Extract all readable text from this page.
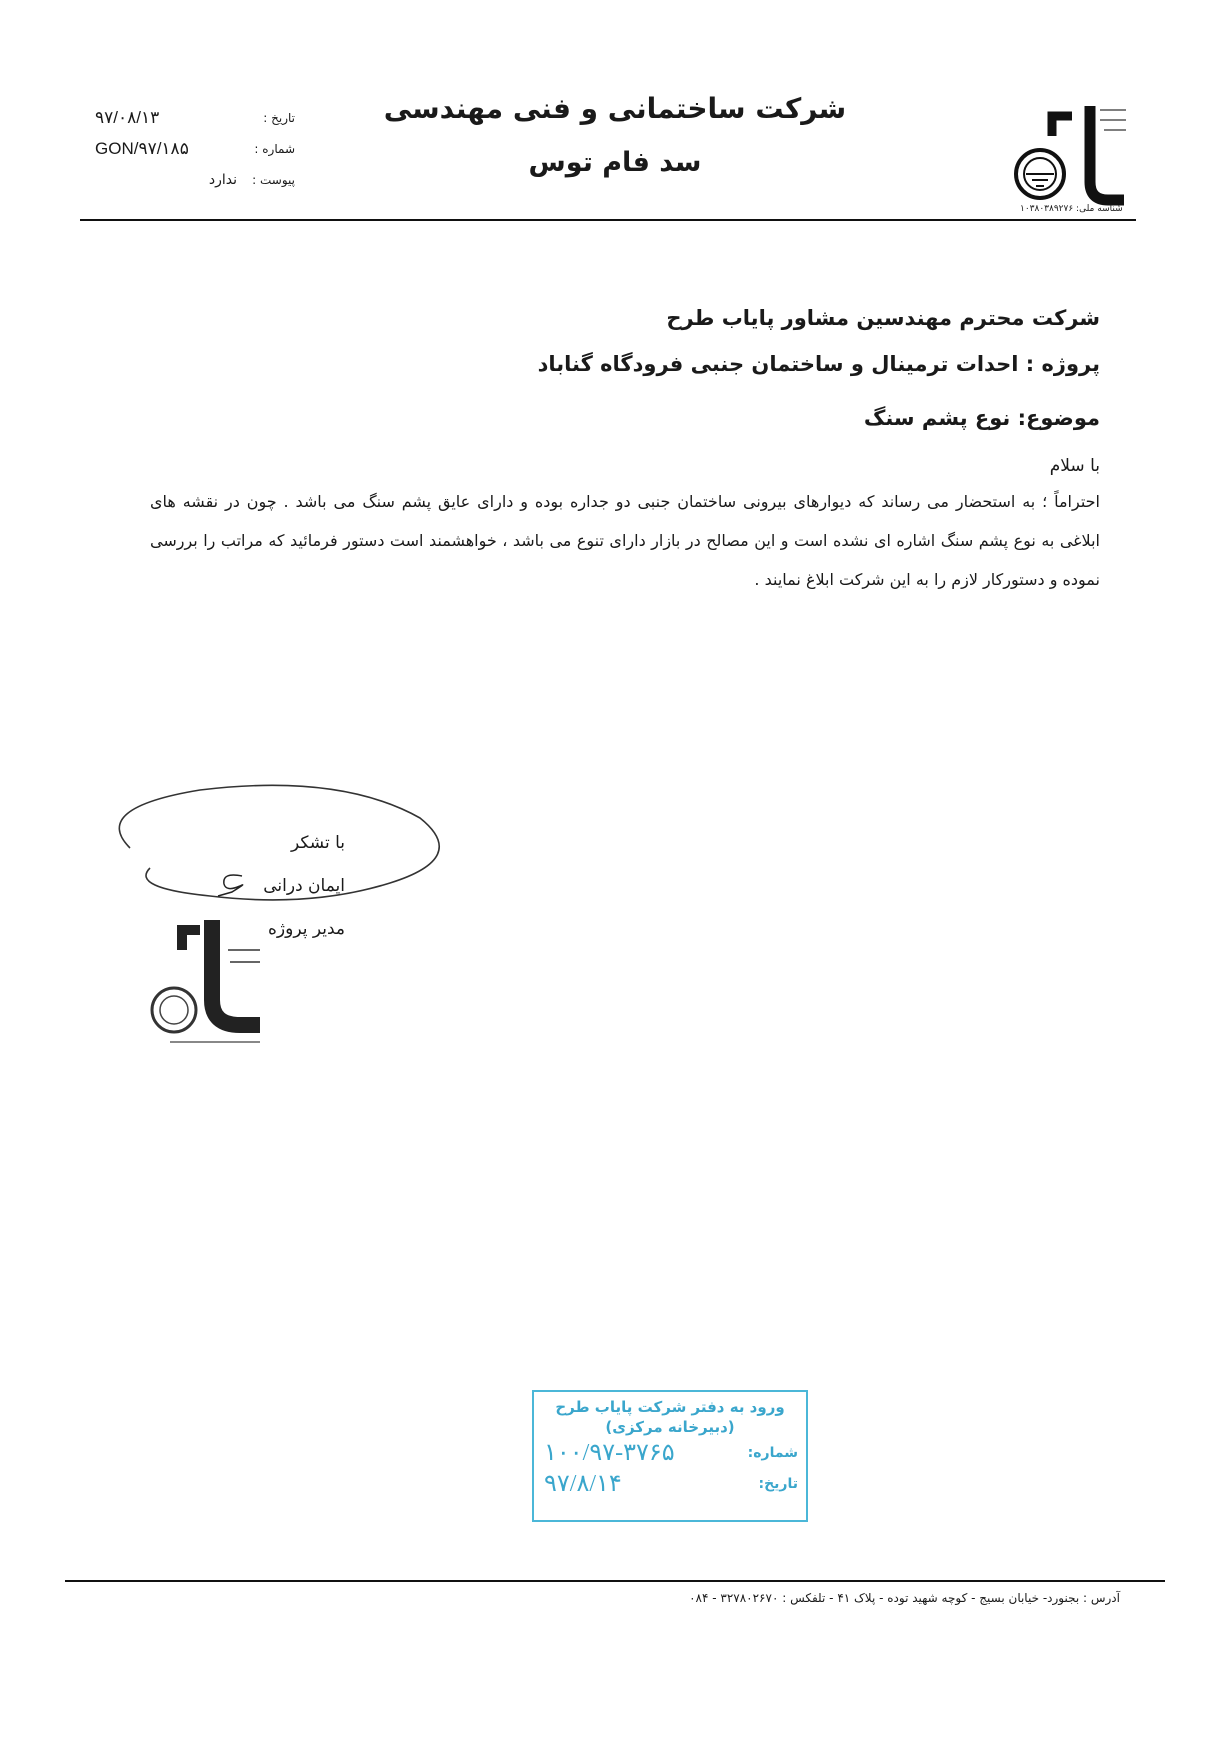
تاریخ :
۹۷/۰۸/۱۳
شماره :
GON/۹۷/۱۸۵
پیوست :
ندارد
شرکت ساختمانی و فنی مهندسی
سد فام توس
شناسه ملی: ۱۰۳۸۰۳۸۹۲۷۶
شرکت محترم مهندسین مشاور پایاب طرح
پروژه : احدات ترمینال و ساختمان جنبی فرودگاه گناباد
موضوع: نوع پشم سنگ
با سلام
احتراماً ؛ به استحضار می رساند که دیوارهای بیرونی ساختمان جنبی دو جداره بوده و دارای عایق پشم سنگ می باشد . چون در نقشه های ابلاغی به نوع پشم سنگ اشاره ای نشده است و این مصالح در بازار دارای تنوع می باشد ، خواهشمند است دستور فرمائید که مراتب را بررسی نموده و دستورکار لازم را به این شرکت ابلاغ نمایند .
با تشکر
ایمان درانی
مدیر پروژه
ورود به دفتر شرکت پایاب طرح
(دبیرخانه مرکزی)
شماره:
۱۰۰/۹۷-۳۷۶۵
تاریخ:
۹۷/۸/۱۴
آدرس : بجنورد- خیابان بسیج - کوچه شهید توده - پلاک ۴۱ - تلفکس : ۳۲۷۸۰۲۶۷۰ - ۰۸۴
